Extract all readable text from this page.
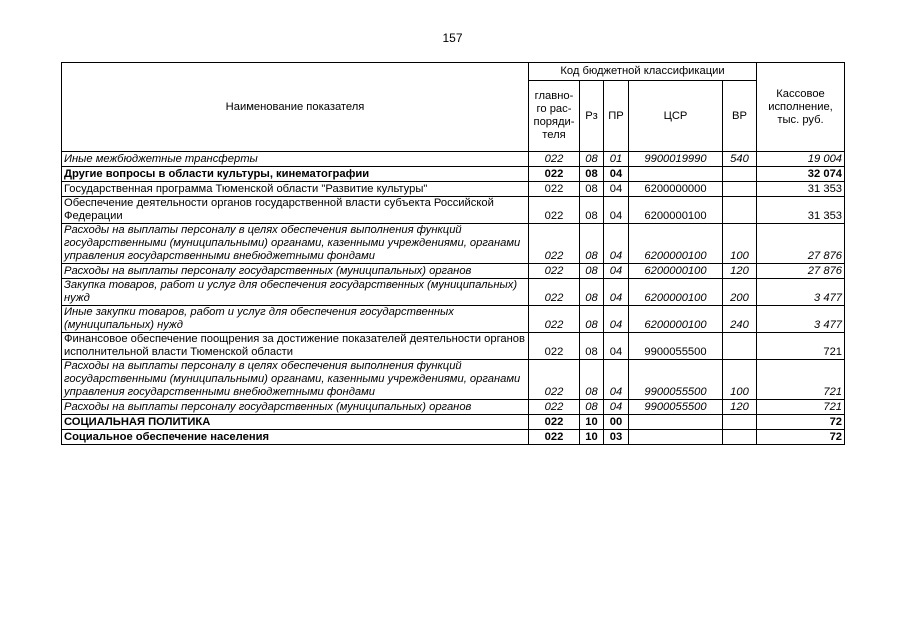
157
Наименование показателя	Код бюджетной классификации					Кассовое исполнение, тыс. руб.
	главно-го рас-поряди-теля	Рз	ПР	ЦСР	ВР	
Иные межбюджетные трансферты	022	08	01	9900019990	540	19 004
Другие вопросы в области культуры, кинематографии	022	08	04			32 074
Государственная программа Тюменской области "Развитие культуры"	022	08	04	6200000000		31 353
Обеспечение деятельности органов государственной власти субъекта Российской Федерации	022	08	04	6200000100		31 353
Расходы на выплаты персоналу в целях обеспечения выполнения функций государственными (муниципальными) органами, казенными учреждениями, органами управления государственными внебюджетными фондами	022	08	04	6200000100	100	27 876
Расходы на выплаты персоналу государственных (муниципальных) органов	022	08	04	6200000100	120	27 876
Закупка товаров, работ и услуг для обеспечения государственных (муниципальных) нужд	022	08	04	6200000100	200	3 477
Иные закупки товаров, работ и услуг для обеспечения государственных (муниципальных) нужд	022	08	04	6200000100	240	3 477
Финансовое обеспечение поощрения за достижение показателей деятельности органов исполнительной власти Тюменской области	022	08	04	9900055500		721
Расходы на выплаты персоналу в целях обеспечения выполнения функций государственными (муниципальными) органами, казенными учреждениями, органами управления государственными внебюджетными фондами	022	08	04	9900055500	100	721
Расходы на выплаты персоналу государственных (муниципальных) органов	022	08	04	9900055500	120	721
СОЦИАЛЬНАЯ ПОЛИТИКА	022	10	00			72
Социальное обеспечение населения	022	10	03			72
